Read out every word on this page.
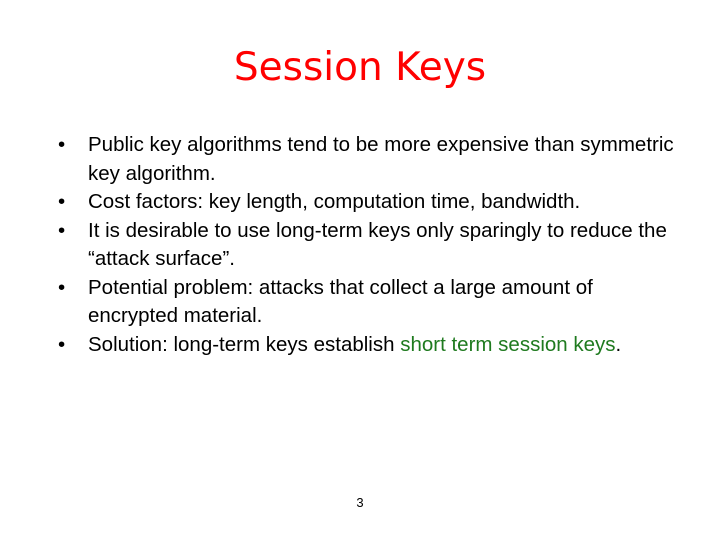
Session Keys
•	Public key algorithms tend to be more expensive than symmetric key algorithm.
•	Cost factors: key length, computation time, bandwidth.
•	It is desirable to use long-term keys only sparingly to reduce the “attack surface”.
•	Potential problem: attacks that collect a large amount of encrypted material.
•	Solution: long-term keys establish short term session keys.
3
